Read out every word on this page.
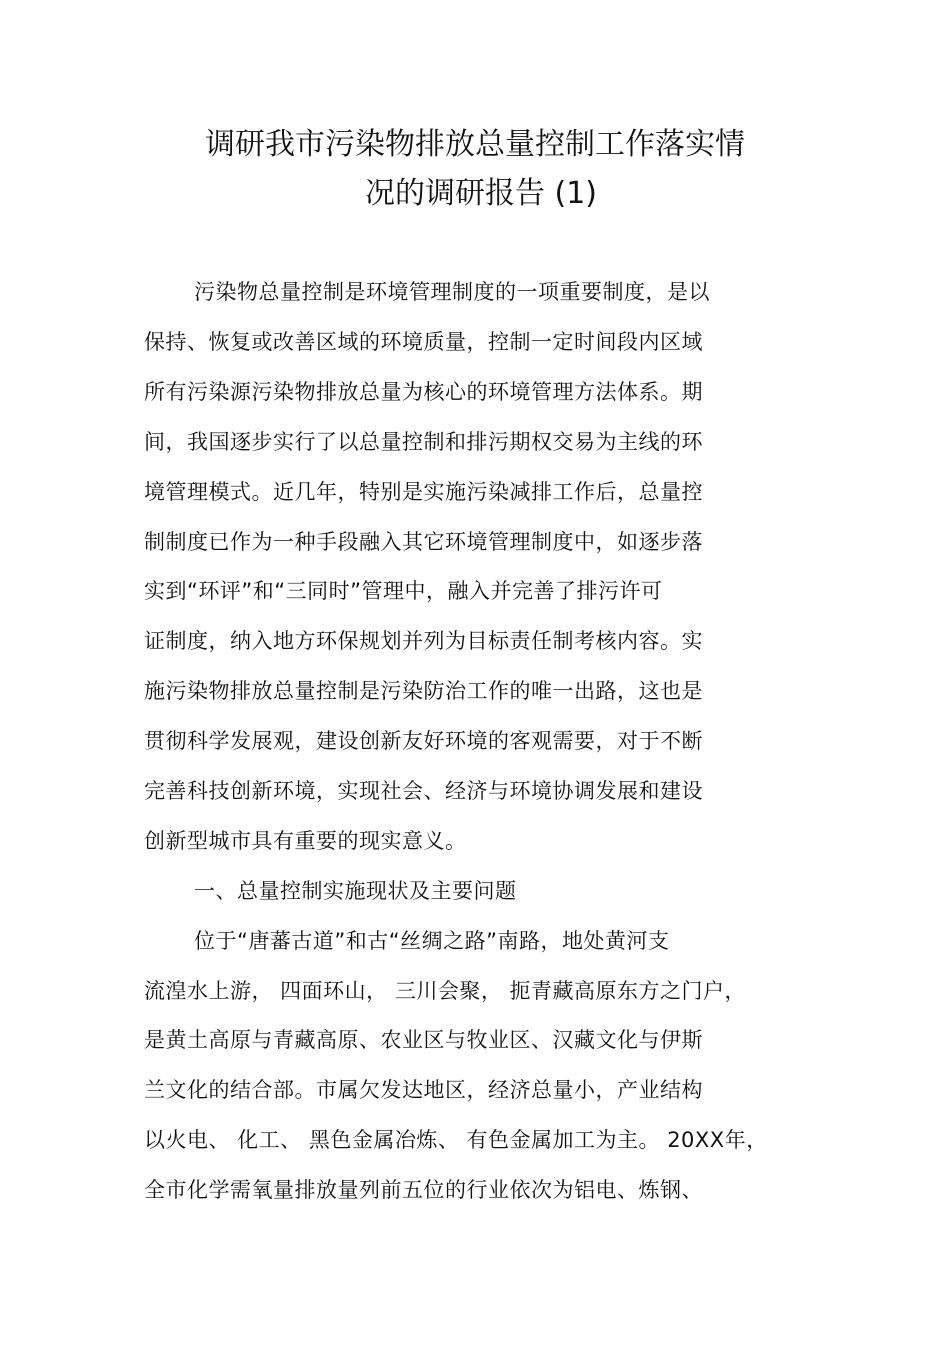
调研我市污染物排放总量控制工作落实情
况的调研报告 (1)
污染物总量控制是环境管理制度的一项重要制度，是以
保持、恢复或改善区域的环境质量，控制一定时间段内区域
所有污染源污染物排放总量为核心的环境管理方法体系。期
间，我国逐步实行了以总量控制和排污期权交易为主线的环
境管理模式。近几年，特别是实施污染减排工作后，总量控
制制度已作为一种手段融入其它环境管理制度中，如逐步落
实到“环评”和“三同时”管理中，融入并完善了排污许可
证制度，纳入地方环保规划并列为目标责任制考核内容。实
施污染物排放总量控制是污染防治工作的唯一出路，这也是
贯彻科学发展观，建设创新友好环境的客观需要，对于不断
完善科技创新环境，实现社会、经济与环境协调发展和建设
创新型城市具有重要的现实意义。
一、总量控制实施现状及主要问题
位于“唐蕃古道”和古“丝绸之路”南路，地处黄河支
流湟水上游， 四面环山， 三川会聚， 扼青藏高原东方之门户，
是黄土高原与青藏高原、农业区与牧业区、汉藏文化与伊斯
兰文化的结合部。市属欠发达地区，经济总量小，产业结构
以火电、 化工、 黑色金属冶炼、 有色金属加工为主。 20XX年，
全市化学需氧量排放量列前五位的行业依次为铝电、炼钢、
